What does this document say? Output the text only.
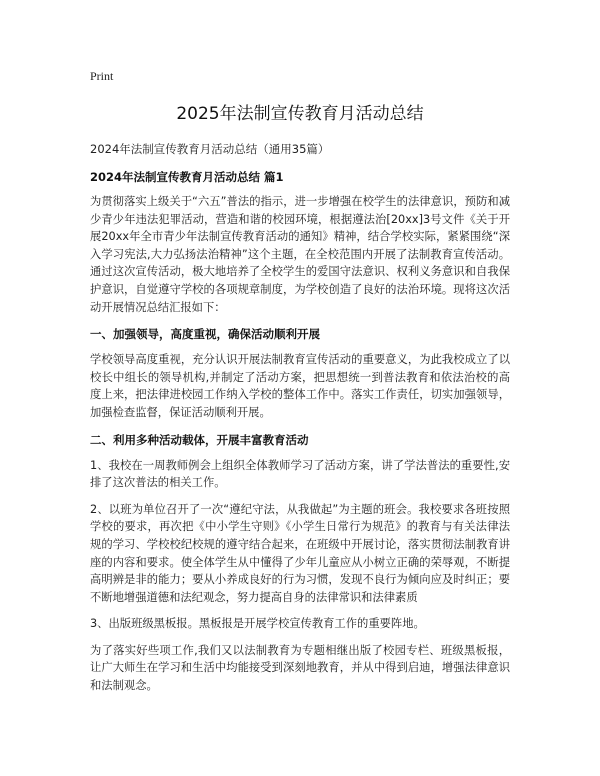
Print
2025年法制宣传教育月活动总结
2024年法制宣传教育月活动总结（通用35篇）
2024年法制宣传教育月活动总结 篇1

为贯彻落实上级关于“六五”普法的指示，进一步增强在校学生的法律意识，预防和减少青少年违法犯罪活动，营造和谐的校园环境，根据遵法治[20xx]3号文件《关于开展20xx年全市青少年法制宣传教育活动的通知》精神，结合学校实际，紧紧围绕“深入学习宪法,大力弘扬法治精神”这个主题，在全校范围内开展了法制教育宣传活动。通过这次宣传活动，极大地培养了全校学生的爱国守法意识、权利义务意识和自我保护意识，自觉遵守学校的各项规章制度，为学校创造了良好的法治环境。现将这次活动开展情况总结汇报如下：

一、加强领导，高度重视，确保活动顺利开展

学校领导高度重视，充分认识开展法制教育宣传活动的重要意义，为此我校成立了以校长中组长的领导机构,并制定了活动方案，把思想统一到普法教育和依法治校的高度上来，把法律进校园工作纳入学校的整体工作中。落实工作责任，切实加强领导，加强检查监督，保证活动顺利开展。

二、利用多种活动载体，开展丰富教育活动

1、我校在一周教师例会上组织全体教师学习了活动方案，讲了学法普法的重要性,安排了这次普法的相关工作。

2、以班为单位召开了一次“遵纪守法，从我做起”为主题的班会。我校要求各班按照学校的要求，再次把《中小学生守则》《小学生日常行为规范》的教育与有关法律法规的学习、学校校纪校规的遵守结合起来，在班级中开展讨论，落实贯彻法制教育讲座的内容和要求。使全体学生从中懂得了少年儿童应从小树立正确的荣辱观，不断提高明辨是非的能力；要从小养成良好的行为习惯，发现不良行为倾向应及时纠正；要不断地增强道德和法纪观念，努力提高自身的法律常识和法律素质

3、出版班级黑板报。黑板报是开展学校宣传教育工作的重要阵地。

为了落实好些项工作,我们又以法制教育为专题相继出版了校园专栏、班级黑板报，让广大师生在学习和生活中均能接受到深刻地教育，并从中得到启迪，增强法律意识和法制观念。
